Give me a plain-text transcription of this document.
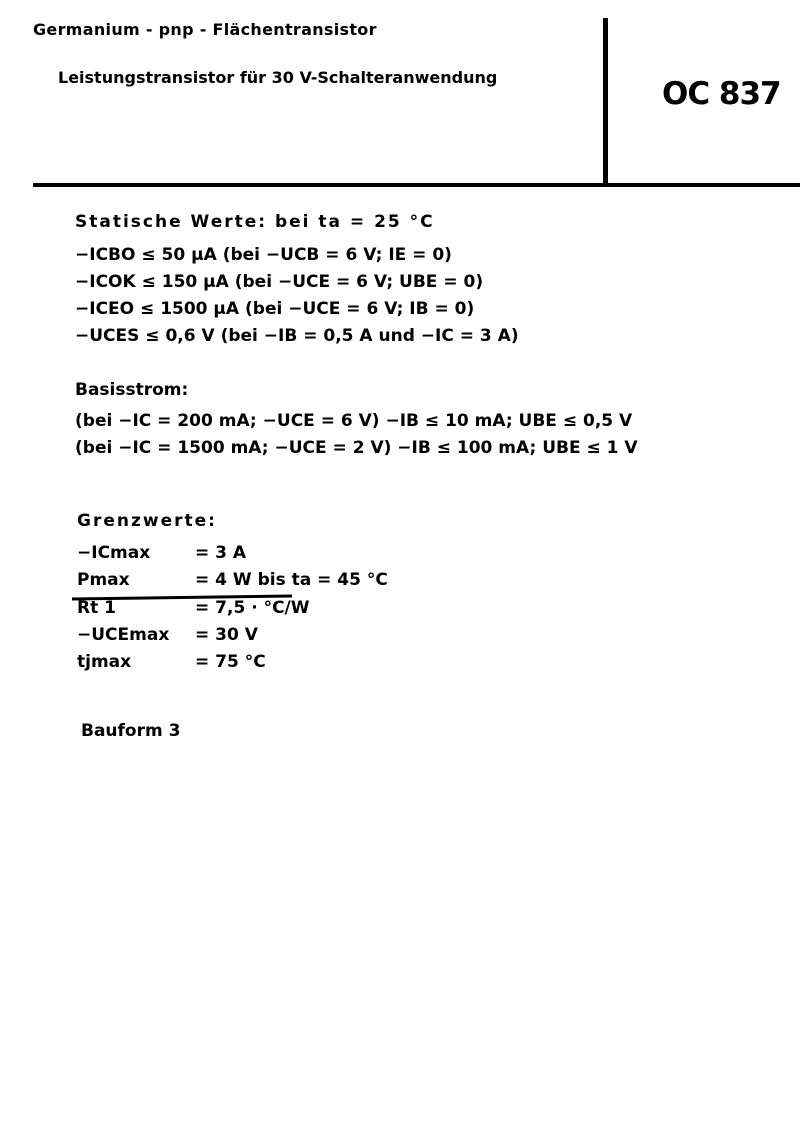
Germanium - pnp - Flächentransistor
Leistungstransistor für 30 V-Schalteranwendung	OC 837
Statische Werte: bei ta = 25 °C
−ICBO ≤ 50 μA (bei −UCB = 6 V; IE = 0)
−ICOK ≤ 150 μA (bei −UCE = 6 V; UBE = 0)
−ICEO ≤ 1500 μA (bei −UCE = 6 V; IB = 0)
−UCES ≤ 0,6 V (bei −IB = 0,5 A und −IC = 3 A)
Basisstrom:
(bei −IC = 200 mA; −UCE = 6 V) −IB ≤ 10 mA; UBE ≤ 0,5 V
(bei −IC = 1500 mA; −UCE = 2 V) −IB ≤ 100 mA; UBE ≤ 1 V
Grenzwerte:
−ICmax	= 3 A
Pmax	= 4 W bis ta = 45 °C
Rt 1	= 7,5 · °C/W
−UCEmax = 30 V
tjmax	= 75 °C
Bauform 3
